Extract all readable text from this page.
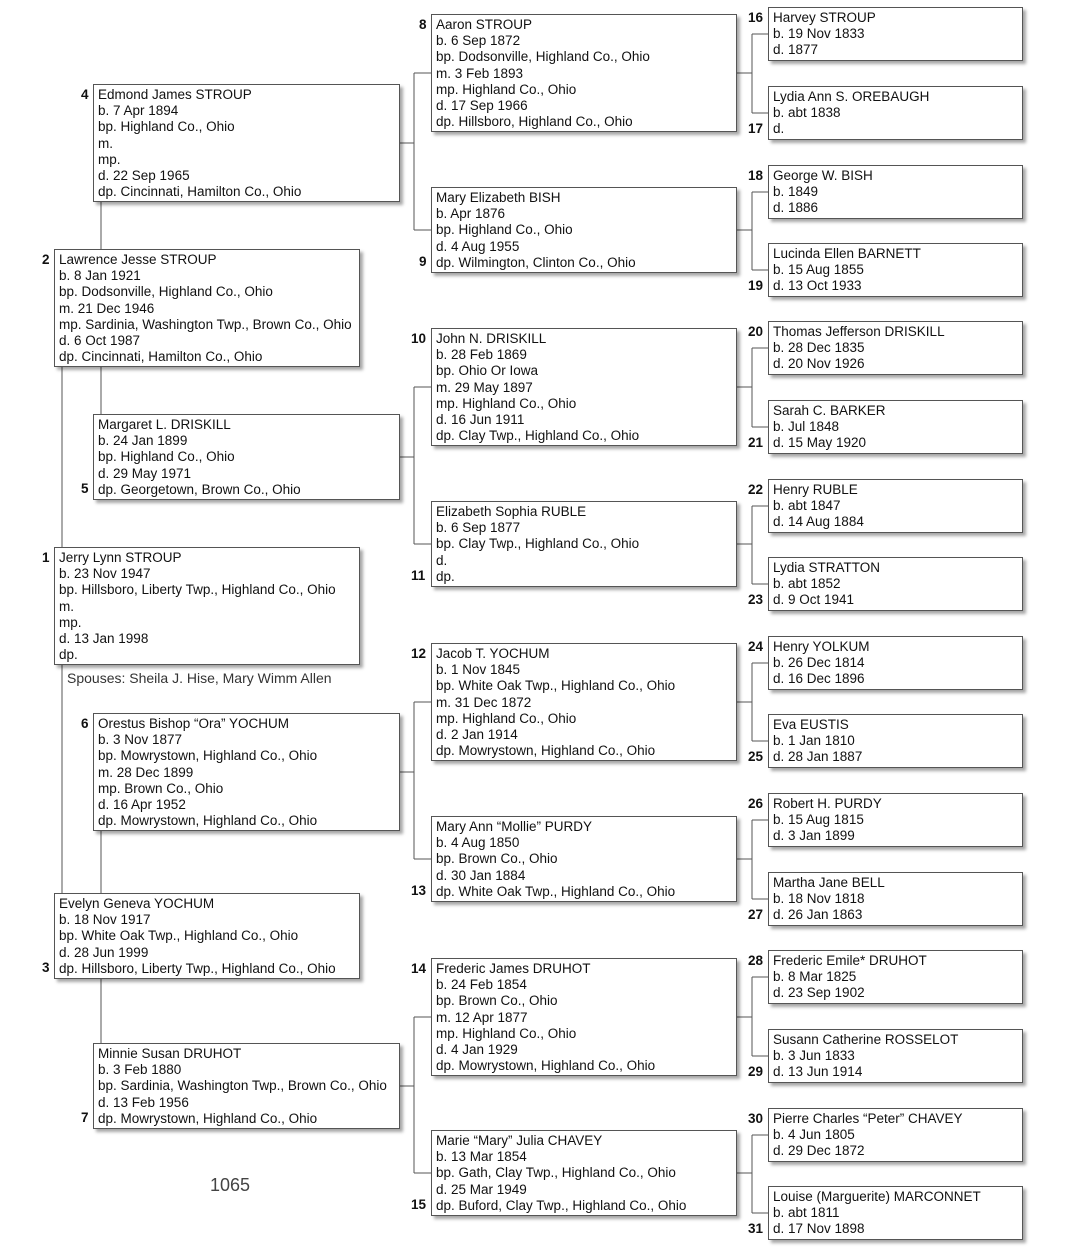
Jerry Lynn STROUP
b. 23 Nov 1947
bp. Hillsboro, Liberty Twp., Highland Co., Ohio
m.
mp.
d. 13 Jan 1998
dp.
1
Lawrence Jesse STROUP
b. 8 Jan 1921
bp. Dodsonville, Highland Co., Ohio
m. 21 Dec 1946
mp. Sardinia, Washington Twp., Brown Co., Ohio
d. 6 Oct 1987
dp. Cincinnati, Hamilton Co., Ohio
2
Evelyn Geneva YOCHUM
b. 18 Nov 1917
bp. White Oak Twp., Highland Co., Ohio
d. 28 Jun 1999
dp. Hillsboro, Liberty Twp., Highland Co., Ohio
3
Edmond James STROUP
b. 7 Apr 1894
bp. Highland Co., Ohio
m.
mp.
d. 22 Sep 1965
dp. Cincinnati, Hamilton Co., Ohio
4
Margaret L. DRISKILL
b. 24 Jan 1899
bp. Highland Co., Ohio
d. 29 May 1971
dp. Georgetown, Brown Co., Ohio
5
Orestus Bishop “Ora” YOCHUM
b. 3 Nov 1877
bp. Mowrystown, Highland Co., Ohio
m. 28 Dec 1899
mp. Brown Co., Ohio
d. 16 Apr 1952
dp. Mowrystown, Highland Co., Ohio
6
Minnie Susan DRUHOT
b. 3 Feb 1880
bp. Sardinia, Washington Twp., Brown Co., Ohio
d. 13 Feb 1956
dp. Mowrystown, Highland Co., Ohio
7
Aaron STROUP
b. 6 Sep 1872
bp. Dodsonville, Highland Co., Ohio
m. 3 Feb 1893
mp. Highland Co., Ohio
d. 17 Sep 1966
dp. Hillsboro, Highland Co., Ohio
8
Mary Elizabeth BISH
b. Apr 1876
bp. Highland Co., Ohio
d. 4 Aug 1955
dp. Wilmington, Clinton Co., Ohio
9
John N. DRISKILL
b. 28 Feb 1869
bp. Ohio Or Iowa
m. 29 May 1897
mp. Highland Co., Ohio
d. 16 Jun 1911
dp. Clay Twp., Highland Co., Ohio
10
Elizabeth Sophia RUBLE
b. 6 Sep 1877
bp. Clay Twp., Highland Co., Ohio
d.
dp.
11
Jacob T. YOCHUM
b. 1 Nov 1845
bp. White Oak Twp., Highland Co., Ohio
m. 31 Dec 1872
mp. Highland Co., Ohio
d. 2 Jan 1914
dp. Mowrystown, Highland Co., Ohio
12
Mary Ann “Mollie” PURDY
b. 4 Aug 1850
bp. Brown Co., Ohio
d. 30 Jan 1884
dp. White Oak Twp., Highland Co., Ohio
13
Frederic James DRUHOT
b. 24 Feb 1854
bp. Brown Co., Ohio
m. 12 Apr 1877
mp. Highland Co., Ohio
d. 4 Jan 1929
dp. Mowrystown, Highland Co., Ohio
14
Marie “Mary” Julia CHAVEY
b. 13 Mar 1854
bp. Gath, Clay Twp., Highland Co., Ohio
d. 25 Mar 1949
dp. Buford, Clay Twp., Highland Co., Ohio
15
Harvey STROUP
b. 19 Nov 1833
d. 1877
16
Lydia Ann S. OREBAUGH
b. abt 1838
d.
17
George W. BISH
b. 1849
d. 1886
18
Lucinda Ellen BARNETT
b. 15 Aug 1855
d. 13 Oct 1933
19
Thomas Jefferson DRISKILL
b. 28 Dec 1835
d. 20 Nov 1926
20
Sarah C. BARKER
b. Jul 1848
d. 15 May 1920
21
Henry RUBLE
b. abt 1847
d. 14 Aug 1884
22
Lydia STRATTON
b. abt 1852
d. 9 Oct 1941
23
Henry YOLKUM
b. 26 Dec 1814
d. 16 Dec 1896
24
Eva EUSTIS
b. 1 Jan 1810
d. 28 Jan 1887
25
Robert H. PURDY
b. 15 Aug 1815
d. 3 Jan 1899
26
Martha Jane BELL
b. 18 Nov 1818
d. 26 Jan 1863
27
Frederic Emile* DRUHOT
b. 8 Mar 1825
d. 23 Sep 1902
28
Susann Catherine ROSSELOT
b. 3 Jun 1833
d. 13 Jun 1914
29
Pierre Charles “Peter” CHAVEY
b. 4 Jun 1805
d. 29 Dec 1872
30
Louise (Marguerite) MARCONNET
b. abt 1811
d. 17 Nov 1898
31
Spouses: Sheila J. Hise, Mary Wimm Allen
1065
